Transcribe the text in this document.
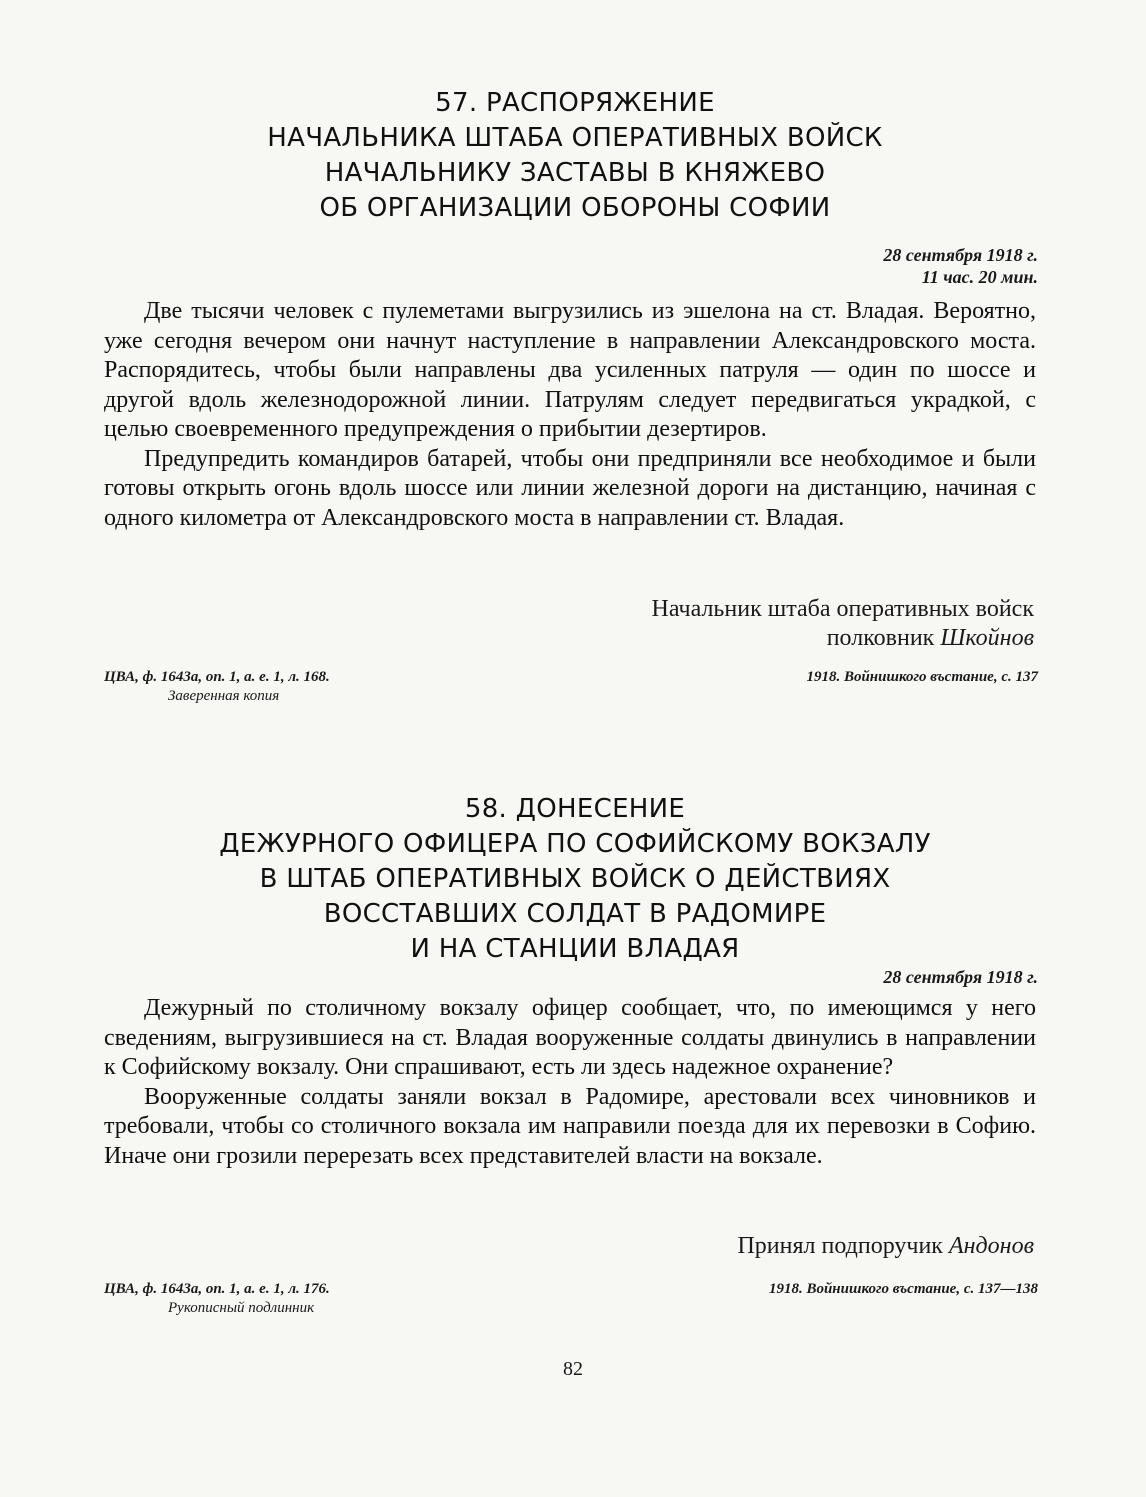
57. РАСПОРЯЖЕНИЕ
НАЧАЛЬНИКА ШТАБА ОПЕРАТИВНЫХ ВОЙСК
НАЧАЛЬНИКУ ЗАСТАВЫ В КНЯЖЕВО
ОБ ОРГАНИЗАЦИИ ОБОРОНЫ СОФИИ
28 сентября 1918 г.
11 час. 20 мин.

Две тысячи человек с пулеметами выгрузились из эшелона на ст. Владая. Вероятно, уже сегодня вечером они начнут наступление в направлении Александровского моста. Распорядитесь, чтобы были направлены два усиленных патруля — один по шоссе и другой вдоль железнодорожной линии. Патрулям следует передвигаться украдкой, с целью своевременного предупреждения о прибытии дезертиров.

Предупредить командиров батарей, чтобы они предприняли все необходимое и были готовы открыть огонь вдоль шоссе или линии железной дороги на дистанцию, начиная с одного километра от Александровского моста в направлении ст. Владая.

Начальник штаба оперативных войск
полковник Шкойнов
ЦВА, ф. 1643а, оп. 1, а. е. 1, л. 168.
Заверенная копия
1918. Войнишкого въстание, с. 137
58. ДОНЕСЕНИЕ
ДЕЖУРНОГО ОФИЦЕРА ПО СОФИЙСКОМУ ВОКЗАЛУ
В ШТАБ ОПЕРАТИВНЫХ ВОЙСК О ДЕЙСТВИЯХ
ВОССТАВШИХ СОЛДАТ В РАДОМИРЕ
И НА СТАНЦИИ ВЛАДАЯ
28 сентября 1918 г.

Дежурный по столичному вокзалу офицер сообщает, что, по имеющимся у него сведениям, выгрузившиеся на ст. Владая вооруженные солдаты двинулись в направлении к Софийскому вокзалу. Они спрашивают, есть ли здесь надежное охранение?

Вооруженные солдаты заняли вокзал в Радомире, арестовали всех чиновников и требовали, чтобы со столичного вокзала им направили поезда для их перевозки в Софию. Иначе они грозили перерезать всех представителей власти на вокзале.

Принял подпоручик Андонов
ЦВА, ф. 1643а, оп. 1, а. е. 1, л. 176.
Рукописный подлинник
1918. Войнишкого въстание, с. 137—138
82
